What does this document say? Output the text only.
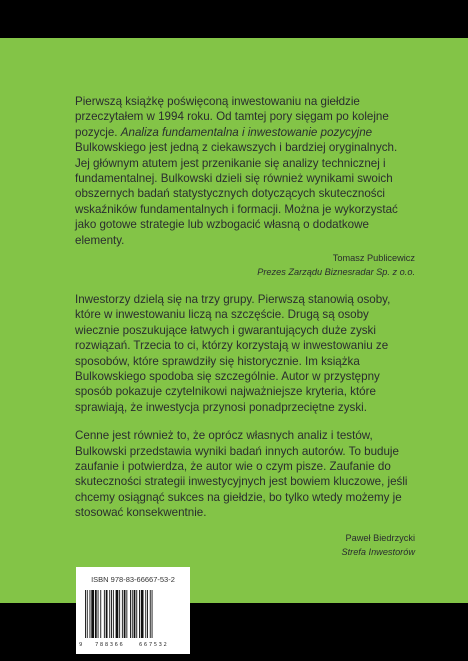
Pierwszą książkę poświęconą inwestowaniu na giełdzie przeczytałem w 1994 roku. Od tamtej pory sięgam po kolejne pozycje. Analiza fundamentalna i inwestowanie pozycyjne Bulkowskiego jest jedną z ciekawszych i bardziej oryginalnych. Jej głównym atutem jest przenikanie się analizy technicznej i fundamentalnej. Bulkowski dzieli się również wynikami swoich obszernych badań statystycznych dotyczących skuteczności wskaźników fundamentalnych i formacji. Można je wykorzystać jako gotowe strategie lub wzbogacić własną o dodatkowe elementy.

Tomasz Publicewicz
Prezes Zarządu Biznesradar Sp. z o.o.

Inwestorzy dzielą się na trzy grupy. Pierwszą stanowią osoby, które w inwestowaniu liczą na szczęście. Drugą są osoby wiecznie poszukujące łatwych i gwarantujących duże zyski rozwiązań. Trzecia to ci, którzy korzystają w inwestowaniu ze sposobów, które sprawdziły się historycznie. Im książka Bulkowskiego spodoba się szczególnie. Autor w przystępny sposób pokazuje czytelnikowi najważniejsze kryteria, które sprawiają, że inwestycja przynosi ponadprzeciętne zyski.

Cenne jest również to, że oprócz własnych analiz i testów, Bulkowski przedstawia wyniki badań innych autorów. To buduje zaufanie i potwierdza, że autor wie o czym pisze. Zaufanie do skuteczności strategii inwestycyjnych jest bowiem kluczowe, jeśli chcemy osiągnąć sukces na giełdzie, bo tylko wtedy możemy je stosować konsekwentnie.

Paweł Biedrzycki
Strefa Inwestorów
ISBN 978-83-66667-53-2
9 788366	667532
